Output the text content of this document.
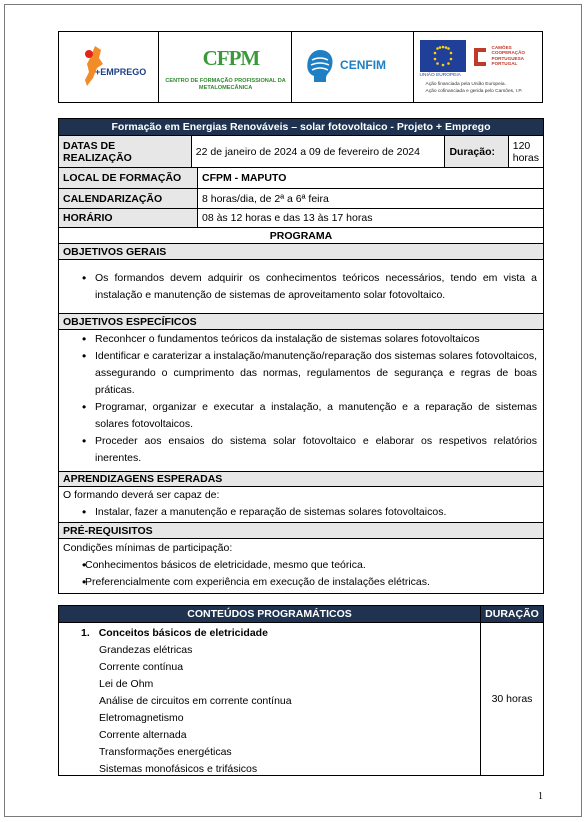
+EMPREGO
CFPM
CENTRO DE FORMAÇÃO PROFISSIONAL DA METALOMECÂNICA
CENFIM
UNIÃO EUROPEIA
CAMÕES COOPERAÇÃO PORTUGUESA PORTUGAL
Ação financiada pela União Europeia.
Ação cofinanciada e gerida pelo Camões, I.P.
Formação em Energias Renováveis – solar fotovoltaico - Projeto + Emprego
DATAS DE REALIZAÇÃO	22 de janeiro de 2024 a 09 de fevereiro de 2024	Duração:	120 horas
LOCAL DE FORMAÇÃO	CFPM - MAPUTO
CALENDARIZAÇÃO	8 horas/dia, de 2ª a 6ª feira
HORÁRIO	08 às 12 horas e das 13 às 17 horas
PROGRAMA
OBJETIVOS GERAIS
• Os formandos devem adquirir os conhecimentos teóricos necessários, tendo em vista a instalação e manutenção de sistemas de aproveitamento solar fotovoltaico.
OBJETIVOS ESPECÍFICOS
• Reconhcer o fundamentos teóricos da instalação de sistemas solares fotovoltaicos
• Identificar e caraterizar a instalação/manutenção/reparação dos sistemas solares fotovoltaicos, assegurando o cumprimento das normas, regulamentos de segurança e regras de boas práticas.
• Programar, organizar e executar a instalação, a manutenção e a reparação de sistemas solares fotovoltaicos.
• Proceder aos ensaios do sistema solar fotovoltaico e elaborar os respetivos relatórios inerentes.
APRENDIZAGENS ESPERADAS
O formando deverá ser capaz de:
• Instalar, fazer a manutenção e reparação de sistemas solares fotovoltaicos.
PRÉ-REQUISITOS
Condições mínimas de participação:
• Conhecimentos básicos de eletricidade, mesmo que teórica.
• Preferencialmente com experiência em execução de instalações elétricas.
CONTEÚDOS PROGRAMÁTICOS	DURAÇÃO
1. Conceitos básicos de eletricidade
Grandezas elétricas
Corrente contínua
Lei de Ohm
Análise de circuitos em corrente contínua
Eletromagnetismo
Corrente alternada
Transformações energéticas
Sistemas monofásicos e trifásicos
30 horas
1
